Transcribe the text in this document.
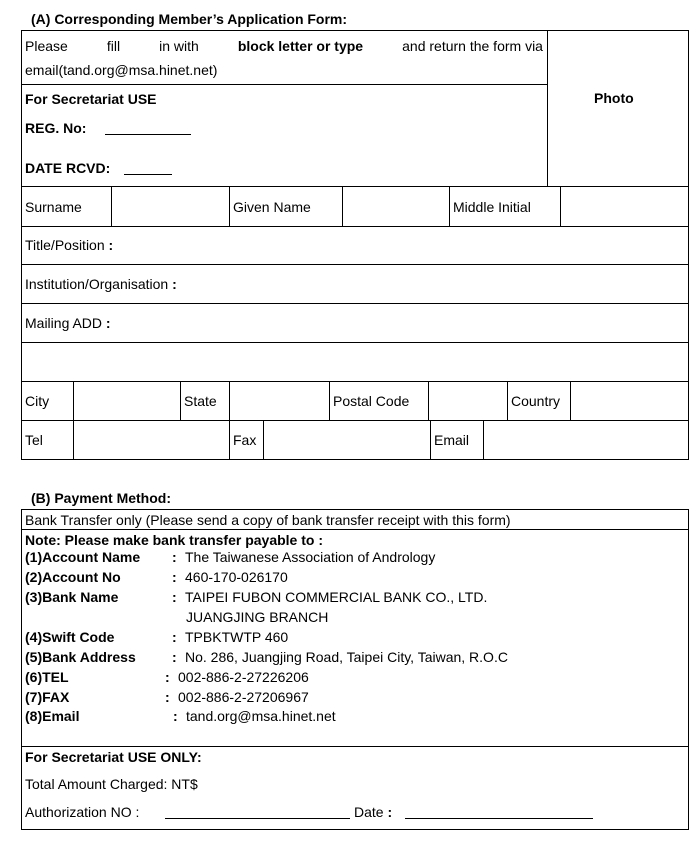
(A) Corresponding Member’s Application Form:
Photo
Please	fill	in with	block letter or type	and return the form via
email(tand.org@msa.hinet.net)
For Secretariat USE
REG. No:
DATE RCVD:
Surname	Given Name	Middle Initial
Title/Position :
Institution/Organisation :
Mailing ADD :
City	State	Postal Code	Country
Tel	Fax	Email
(B) Payment Method:
Bank Transfer only (Please send a copy of bank transfer receipt with this form)
Note: Please make bank transfer payable to :
(1)Account Name : The Taiwanese Association of Andrology
(2)Account No	: 460-170-026170
(3)Bank Name	: TAIPEI FUBON COMMERCIAL BANK CO., LTD.
JUANGJING BRANCH
(4)Swift Code	: TPBKTWTP 460
(5)Bank Address	: No. 286, Juangjing Road, Taipei City, Taiwan, R.O.C
(6)TEL	: 002-886-2-27226206
(7)FAX	: 002-886-2-27206967
(8)Email	: tand.org@msa.hinet.net
For Secretariat USE ONLY:
Total Amount Charged: NT$
Authorization NO :	Date :
